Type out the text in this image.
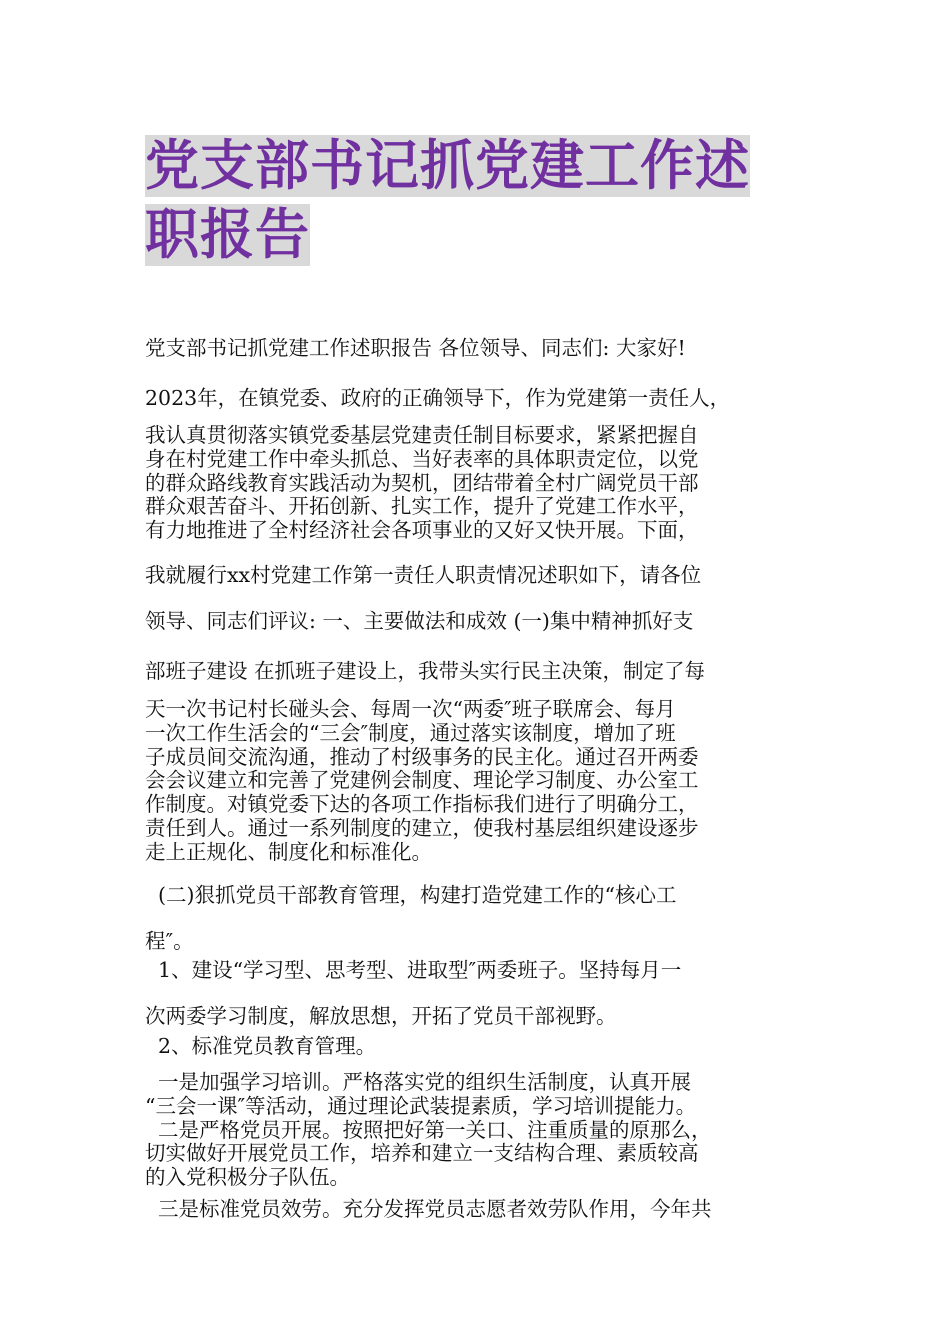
党支部书记抓党建工作述
职报告
党支部书记抓党建工作述职报告 各位领导、同志们: 大家好!
2023年，在镇党委、政府的正确领导下，作为党建第一责任人，
我认真贯彻落实镇党委基层党建责任制目标要求，紧紧把握自
身在村党建工作中牵头抓总、当好表率的具体职责定位，以党
的群众路线教育实践活动为契机，团结带着全村广阔党员干部
群众艰苦奋斗、开拓创新、扎实工作，提升了党建工作水平，
有力地推进了全村经济社会各项事业的又好又快开展。下面，
我就履行xx村党建工作第一责任人职责情况述职如下，请各位
领导、同志们评议: 一、主要做法和成效 (一)集中精神抓好支
部班子建设 在抓班子建设上，我带头实行民主决策，制定了每
天一次书记村长碰头会、每周一次“两委″班子联席会、每月
一次工作生活会的“三会″制度，通过落实该制度，增加了班
子成员间交流沟通，推动了村级事务的民主化。通过召开两委
会会议建立和完善了党建例会制度、理论学习制度、办公室工
作制度。对镇党委下达的各项工作指标我们进行了明确分工，
责任到人。通过一系列制度的建立，使我村基层组织建设逐步
走上正规化、制度化和标准化。
(二)狠抓党员干部教育管理，构建打造党建工作的“核心工
程″。
1、建设“学习型、思考型、进取型″两委班子。坚持每月一
次两委学习制度，解放思想，开拓了党员干部视野。
2、标准党员教育管理。
一是加强学习培训。严格落实党的组织生活制度，认真开展
“三会一课″等活动，通过理论武装提素质，学习培训提能力。
二是严格党员开展。按照把好第一关口、注重质量的原那么，
切实做好开展党员工作，培养和建立一支结构合理、素质较高
的入党积极分子队伍。
三是标准党员效劳。充分发挥党员志愿者效劳队作用，今年共
